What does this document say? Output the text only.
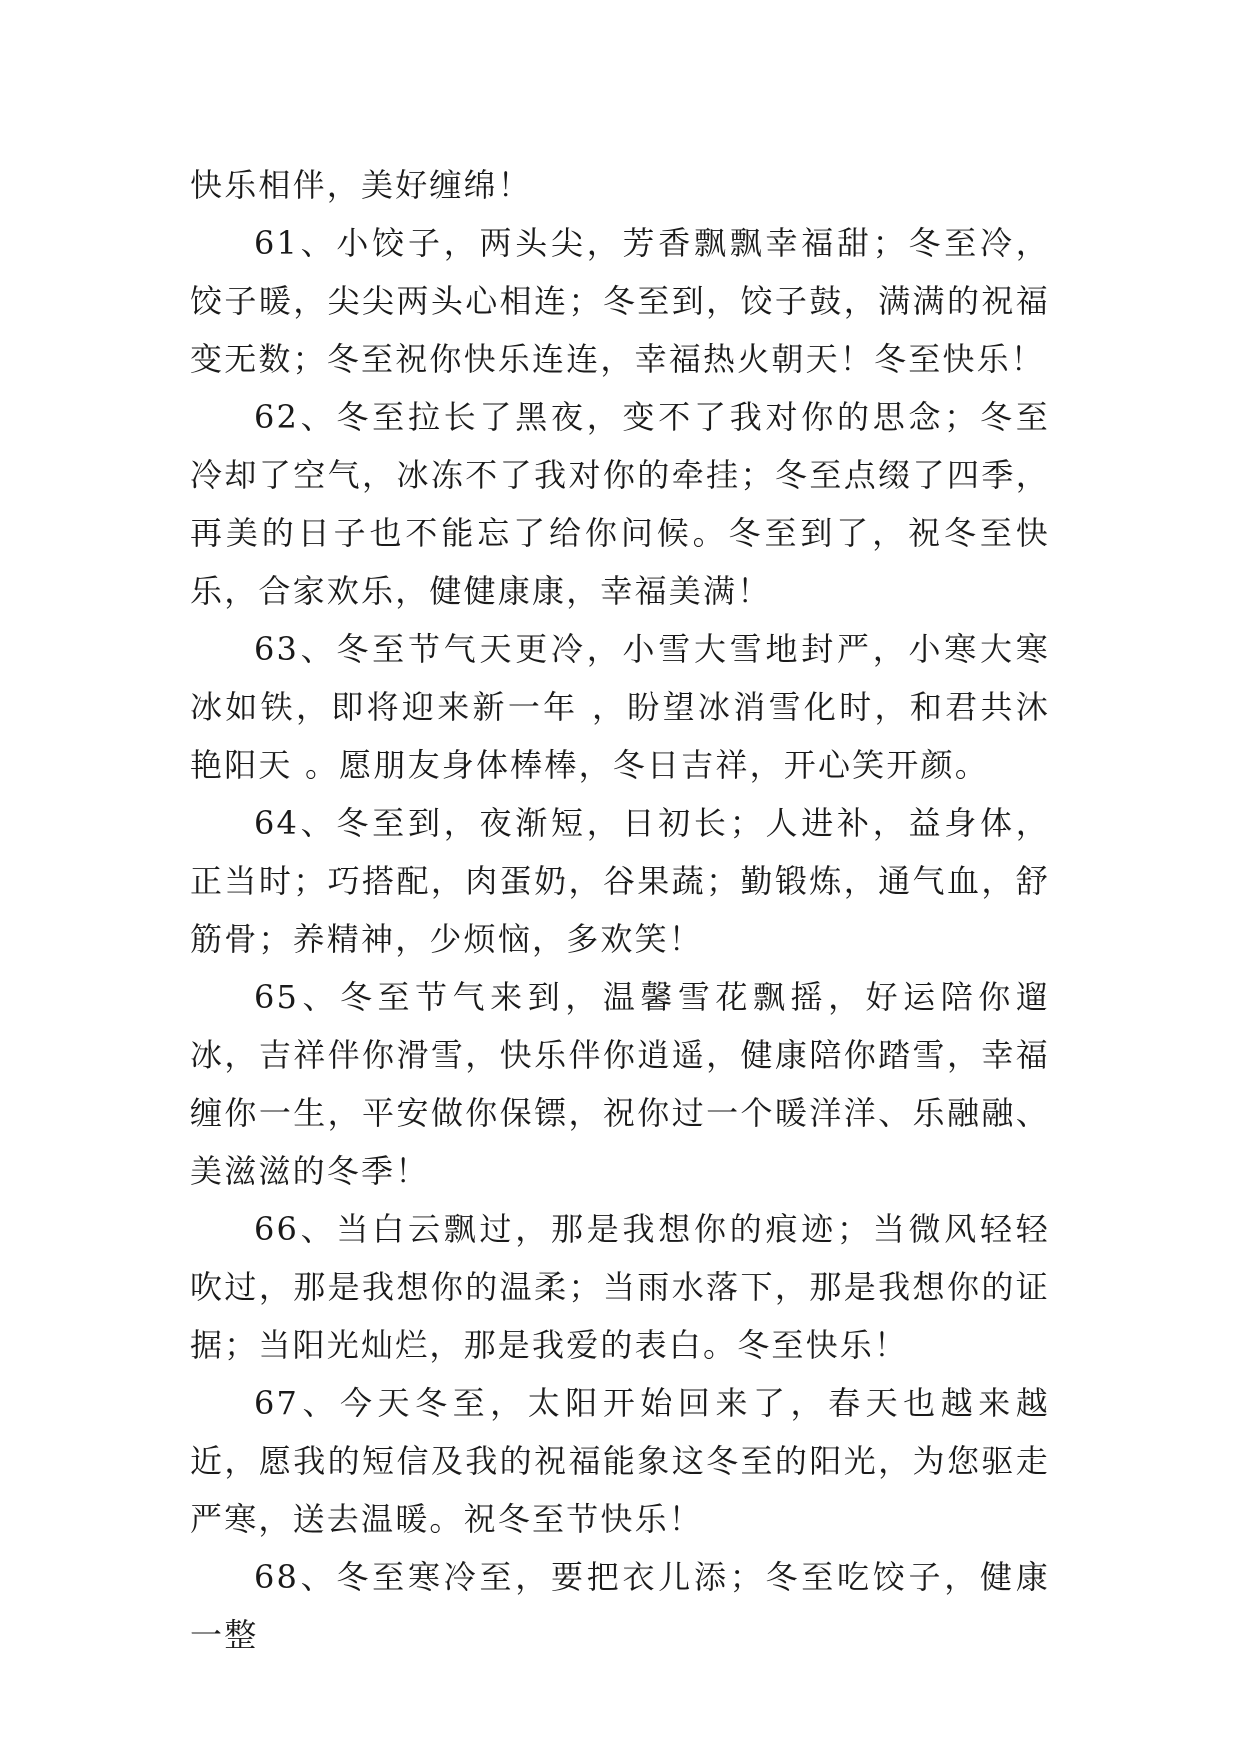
快乐相伴，美好缠绵！

61、小饺子，两头尖，芳香飘飘幸福甜；冬至冷，饺子暖，尖尖两头心相连；冬至到，饺子鼓，满满的祝福变无数；冬至祝你快乐连连，幸福热火朝天！冬至快乐！

62、冬至拉长了黑夜，变不了我对你的思念；冬至冷却了空气，冰冻不了我对你的牵挂；冬至点缀了四季，再美的日子也不能忘了给你问候。冬至到了，祝冬至快乐，合家欢乐，健健康康，幸福美满！

63、冬至节气天更冷，小雪大雪地封严，小寒大寒冰如铁，即将迎来新一年 ，盼望冰消雪化时，和君共沐艳阳天 。愿朋友身体棒棒，冬日吉祥，开心笑开颜。

64、冬至到，夜渐短，日初长；人进补，益身体，正当时；巧搭配，肉蛋奶，谷果蔬；勤锻炼，通气血，舒筋骨；养精神，少烦恼，多欢笑！

65、冬至节气来到，温馨雪花飘摇，好运陪你遛冰，吉祥伴你滑雪，快乐伴你逍遥，健康陪你踏雪，幸福缠你一生，平安做你保镖，祝你过一个暖洋洋、乐融融、美滋滋的冬季！

66、当白云飘过，那是我想你的痕迹；当微风轻轻吹过，那是我想你的温柔；当雨水落下，那是我想你的证据；当阳光灿烂，那是我爱的表白。冬至快乐！

67、今天冬至，太阳开始回来了，春天也越来越近，愿我的短信及我的祝福能象这冬至的阳光，为您驱走严寒，送去温暖。祝冬至节快乐！

68、冬至寒冷至，要把衣儿添；冬至吃饺子，健康一整
